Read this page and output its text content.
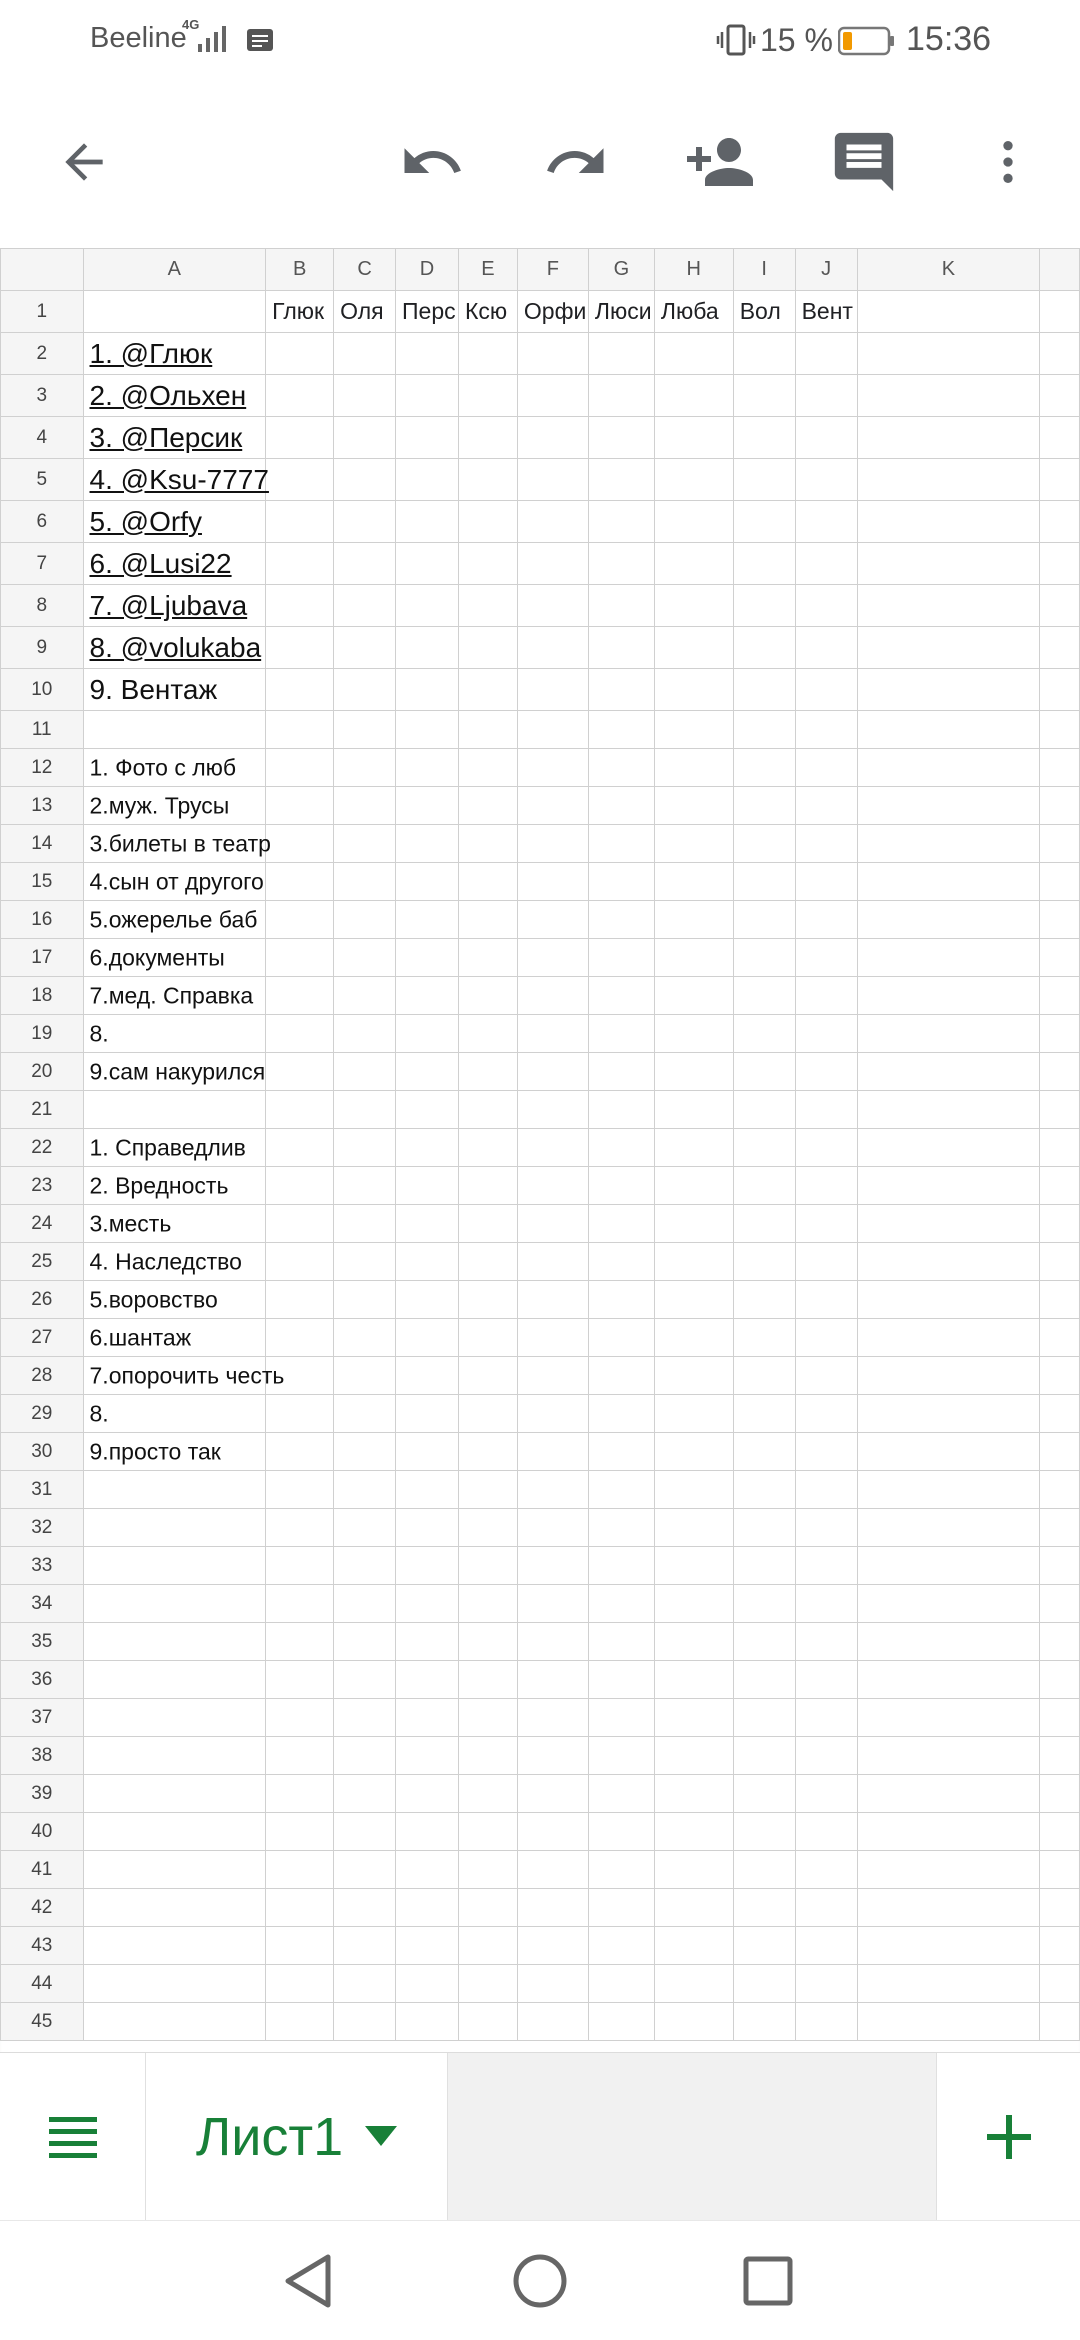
Beeline
4G	15 % 15:36
	A	B	C	D	E	F	G	H	I	J	K	
1		Глюк	Оля	Перс	Ксю	Орфи	Люси	Люба	Вол	Вент		
2	1. @Глюк											

3	2. @Ольхен											

4	3. @Персик											

5	4. @Ksu-7777											

6	5. @Orfy											

7	6. @Lusi22											

8	7. @Ljubava											

9	8. @volukaba											

10	9. Вентаж											

11	

12	1. Фото с люб											

13	2.муж. Трусы											

14	3.билеты в театр											

15	4.сын от другого											

16	5.ожерелье баб											

17	6.документы											

18	7.мед. Справка											

19	8.											

20	9.сам накурился											

21	

22	1. Справедлив											

23	2. Вредность											

24	3.месть											

25	4. Наследство											

26	5.воровство											

27	6.шантаж											

28	7.опорочить честь											

29	8.											

30	9.просто так											

31	

32	

33	

34	

35	

36	

37	

38	

39	

40	

41	

42	

43	

44	

45	

Лист1
